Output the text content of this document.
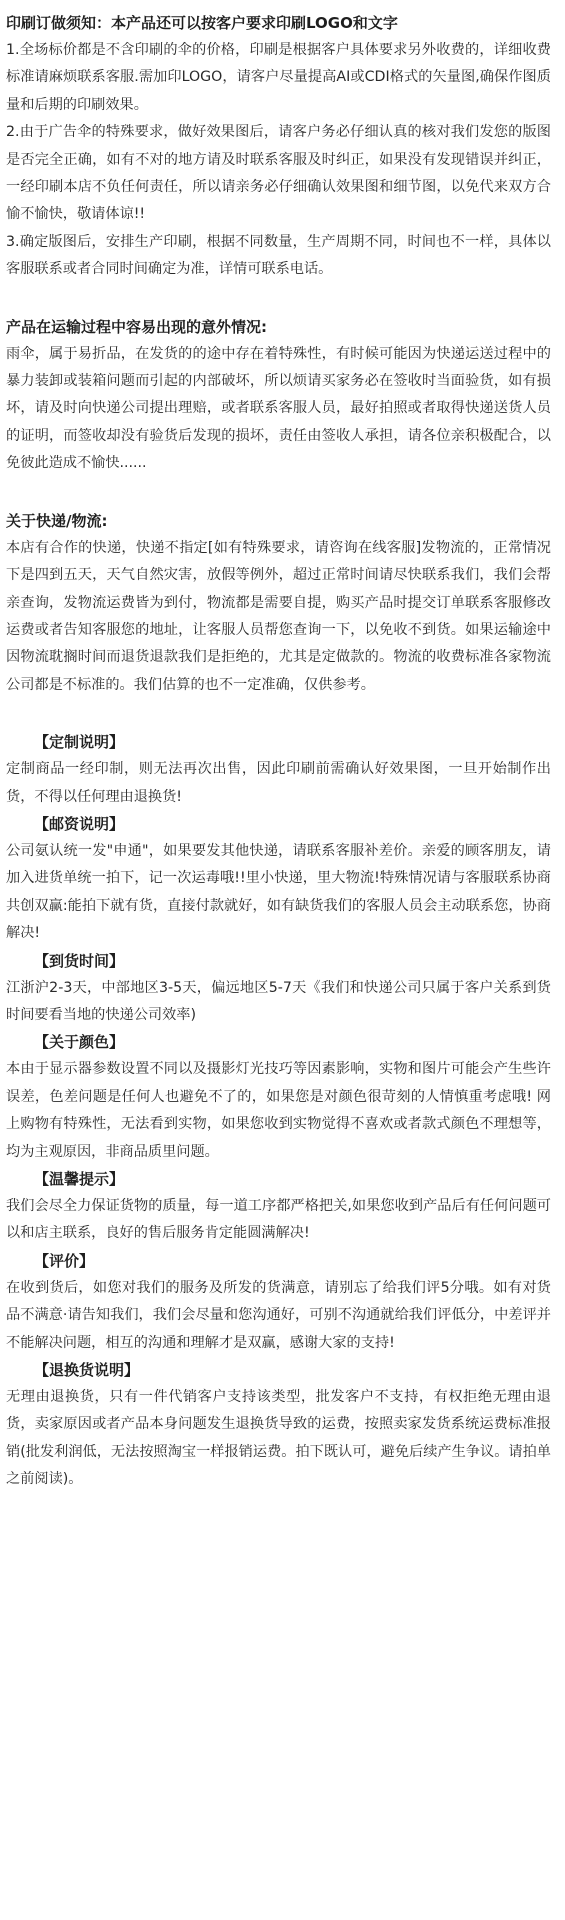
印刷订做须知：本产品还可以按客户要求印刷LOGO和文字

1.全场标价都是不含印刷的伞的价格，印刷是根据客户具体要求另外收费的，详细收费标准请麻烦联系客服.需加印LOGO，请客户尽量提高AI或CDI格式的矢量图,确保作图质量和后期的印刷效果。

2.由于广告伞的特殊要求，做好效果图后，请客户务必仔细认真的核对我们发您的版图是否完全正确，如有不对的地方请及时联系客服及时纠正，如果没有发现错误并纠正，一经印刷本店不负任何责任，所以请亲务必仔细确认效果图和细节图，以免代来双方合愉不愉快，敬请体谅!!

3.确定版图后，安排生产印刷，根据不同数量，生产周期不同，时间也不一样，具体以客服联系或者合同时间确定为准，详情可联系电话。

产品在运输过程中容易出现的意外情况:

雨伞，属于易折品，在发货的的途中存在着特殊性，有时候可能因为快递运送过程中的暴力装卸或装箱问题而引起的内部破坏，所以烦请买家务必在签收时当面验货，如有损坏，请及时向快递公司提出理赔，或者联系客服人员，最好拍照或者取得快递送货人员的证明，而签收却没有验货后发现的损坏，责任由签收人承担，请各位亲积极配合，以免彼此造成不愉快......

关于快递/物流:

本店有合作的快递，快递不指定[如有特殊要求，请咨询在线客服]发物流的，正常情况下是四到五天，天气自然灾害，放假等例外，超过正常时间请尽快联系我们，我们会帮亲查询，发物流运费皆为到付，物流都是需要自提，购买产品时提交订单联系客服修改运费或者告知客服您的地址，让客服人员帮您查询一下，以免收不到货。如果运输途中因物流耽搁时间而退货退款我们是拒绝的，尤其是定做款的。物流的收费标准各家物流公司都是不标准的。我们估算的也不一定准确，仅供参考。

【定制说明】

定制商品一经印制，则无法再次出售，因此印刷前需确认好效果图，一旦开始制作出货，不得以任何理由退换货!

【邮资说明】

公司氨认统一发"申通"，如果要发其他快递，请联系客服补差价。亲爱的顾客朋友，请加入进货单统一拍下，记一次运毒哦!!里小快递，里大物流!特殊情况请与客服联系协商共创双赢:能拍下就有货，直接付款就好，如有缺货我们的客服人员会主动联系您，协商解决!

【到货时间】

江浙沪2-3天，中部地区3-5天，偏远地区5-7天《我们和快递公司只属于客户关系到货时间要看当地的快递公司效率)

【关于颜色】

本由于显示器参数设置不同以及摄影灯光技巧等因素影响，实物和图片可能会产生些许误差，色差问题是任何人也避免不了的，如果您是对颜色很苛刻的人情慎重考虑哦! 网上购物有特殊性，无法看到实物，如果您收到实物觉得不喜欢或者款式颜色不理想等，均为主观原因，非商品质里问题。

【温馨提示】

我们会尽全力保证货物的质量，每一道工序都严格把关,如果您收到产品后有任何问题可以和店主联系，良好的售后服务肯定能圆满解决!

【评价】

在收到货后，如您对我们的服务及所发的货满意，请别忘了给我们评5分哦。如有对货品不满意·请告知我们，我们会尽量和您沟通好，可别不沟通就给我们评低分，中差评并不能解决问题，相互的沟通和理解才是双赢，感谢大家的支持!

【退换货说明】

无理由退换货，只有一件代销客户支持该类型，批发客户不支持，有权拒绝无理由退货，卖家原因或者产品本身问题发生退换货导致的运费，按照卖家发货系统运费标准报销(批发利润低，无法按照淘宝一样报销运费。拍下既认可，避免后续产生争议。请拍单之前阅读)。
